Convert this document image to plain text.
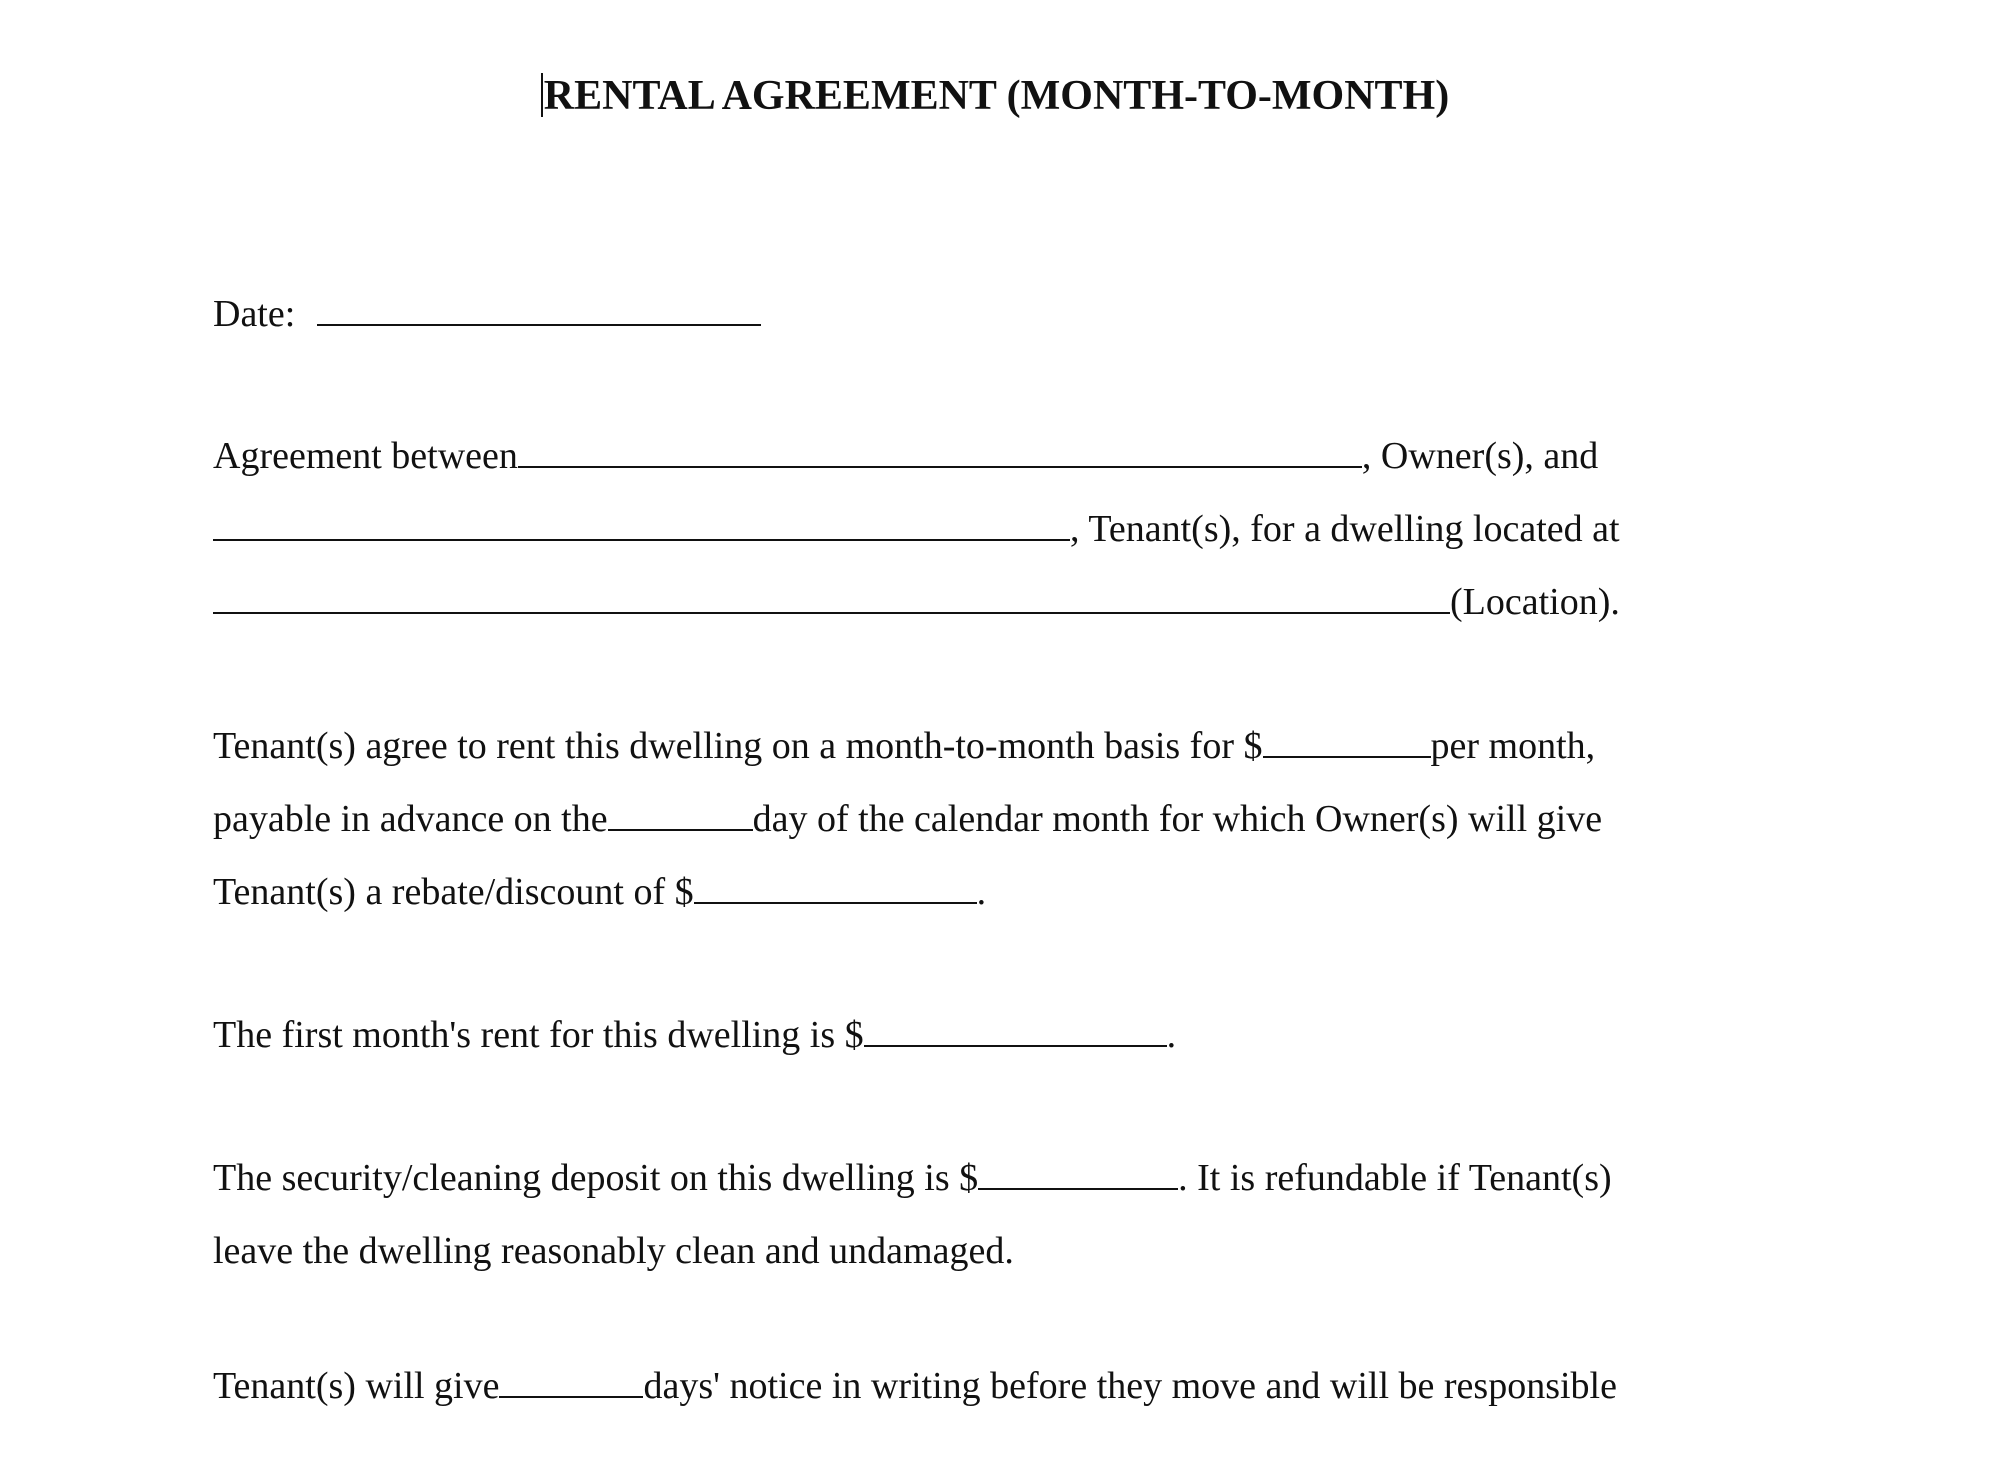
RENTAL AGREEMENT (MONTH-TO-MONTH)
Date:
Agreement between	, Owner(s), and
, Tenant(s), for a dwelling located at
(Location).
Tenant(s) agree to rent this dwelling on a month-to-month basis for $	per month,
payable in advance on the	day of the calendar month for which Owner(s) will give
Tenant(s) a rebate/discount of $	.
The first month's rent for this dwelling is $	.
The security/cleaning deposit on this dwelling is $	. It is refundable if Tenant(s)
leave the dwelling reasonably clean and undamaged.
Tenant(s) will give	days' notice in writing before they move and will be responsible
